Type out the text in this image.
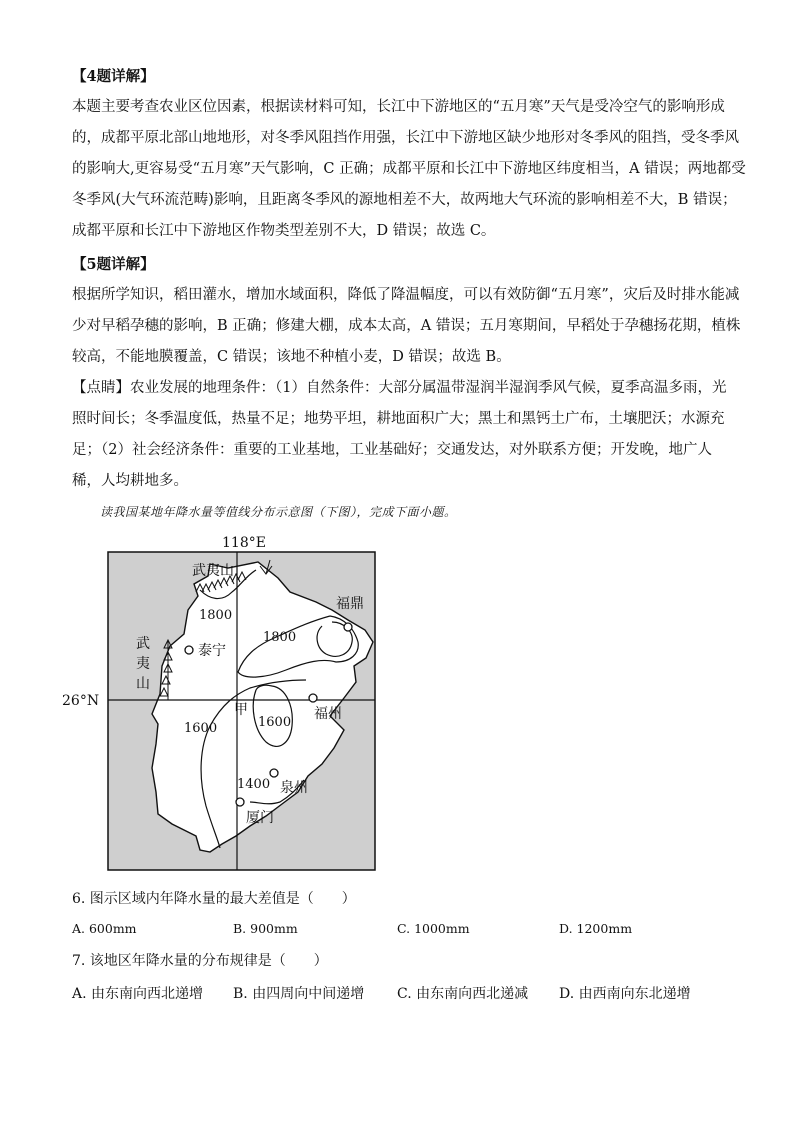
【4题详解】
本题主要考查农业区位因素，根据读材料可知，长江中下游地区的“五月寒”天气是受冷空气的影响形成
的，成都平原北部山地地形，对冬季风阻挡作用强，长江中下游地区缺少地形对冬季风的阻挡，受冬季风
的影响大,更容易受“五月寒”天气影响，C 正确；成都平原和长江中下游地区纬度相当，A 错误；两地都受
冬季风(大气环流范畴)影响，且距离冬季风的源地相差不大，故两地大气环流的影响相差不大，B 错误；
成都平原和长江中下游地区作物类型差别不大，D 错误；故选 C。
【5题详解】
根据所学知识，稻田灌水，增加水域面积，降低了降温幅度，可以有效防御“五月寒”，灾后及时排水能减
少对早稻孕穗的影响，B 正确；修建大棚，成本太高，A 错误；五月寒期间，早稻处于孕穗扬花期，植株
较高，不能地膜覆盖，C 错误；该地不种植小麦，D 错误；故选 B。
【点睛】农业发展的地理条件：（1）自然条件：大部分属温带湿润半湿润季风气候，夏季高温多雨，光
照时间长；冬季温度低，热量不足；地势平坦，耕地面积广大；黑土和黑钙土广布，土壤肥沃；水源充
足；（2）社会经济条件：重要的工业基地，工业基础好；交通发达，对外联系方便；开发晚，地广人
稀，人均耕地多。
读我国某地年降水量等值线分布示意图（下图），完成下面小题。
118°E
26°N
武夷山
武
夷
山
泰宁
福鼎
福州
泉州
厦门
甲
1800
1800
1600
1600
1400
6. 图示区域内年降水量的最大差值是（　　）
A. 600mm	B. 900mm	C. 1000mm	D. 1200mm
7. 该地区年降水量的分布规律是（　　）
A. 由东南向西北递增 B. 由四周向中间递增 C. 由东南向西北递减 D. 由西南向东北递增
